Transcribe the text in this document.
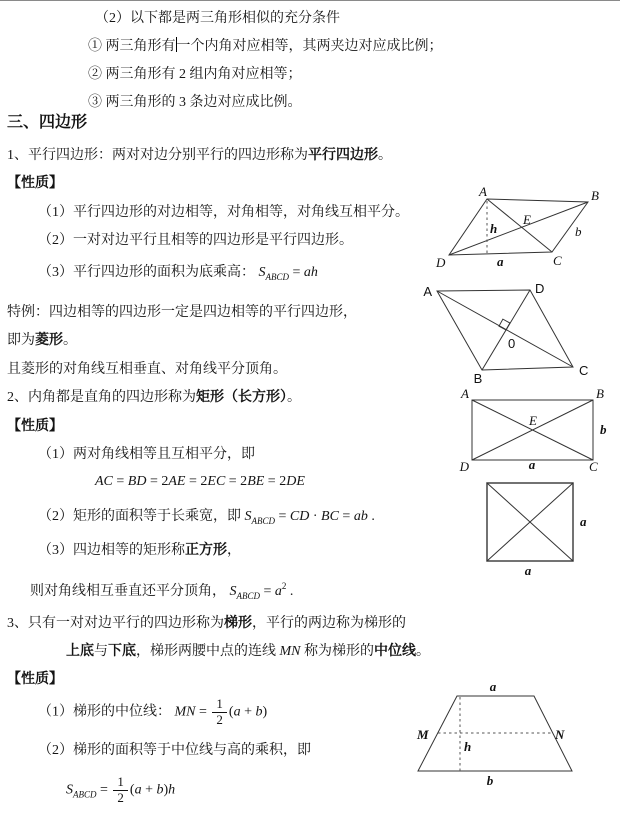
（2）以下都是两三角形相似的充分条件
① 两三角形有一个内角对应相等，其两夹边对应成比例；
② 两三角形有 2 组内角对应相等；
③ 两三角形的 3 条边对应成比例。
三、四边形
1、平行四边形：两对对边分别平行的四边形称为平行四边形。
【性质】
（1）平行四边形的对边相等，对角相等，对角线互相平分。
（2）一对对边平行且相等的四边形是平行四边形。
（3）平行四边形的面积为底乘高： $S_{ABCD}$ = ah
特例：四边相等的四边形一定是四边相等的平行四边形，
即为菱形。
且菱形的对角线互相垂直、对角线平分顶角。
2、内角都是直角的四边形称为矩形（长方形）。
【性质】
（1）两对角线相等且互相平分，即
AC = BD = 2AE = 2EC = 2BE = 2DE
（2）矩形的面积等于长乘宽，即 $S_{ABCD}$ = CD · BC = ab .
（3）四边相等的矩形称正方形，
则对角线相互垂直还平分顶角， $S_{ABCD} = a^2$ .
3、只有一对对边平行的四边形称为梯形，平行的两边称为梯形的
上底与下底，梯形两腰中点的连线 MN 称为梯形的中位线。
【性质】
（1）梯形的中位线： MN = $\frac{1}{2} (a + b)$
（2）梯形的面积等于中位线与高的乘积，即
$S_{ABCD} = \frac{1}{2} (a + b)h$
A	B
C
D
E
h
a
b
A	D
B
C
0
A	B
D	C
E
b
a
a
a
M	N
a
b
h
